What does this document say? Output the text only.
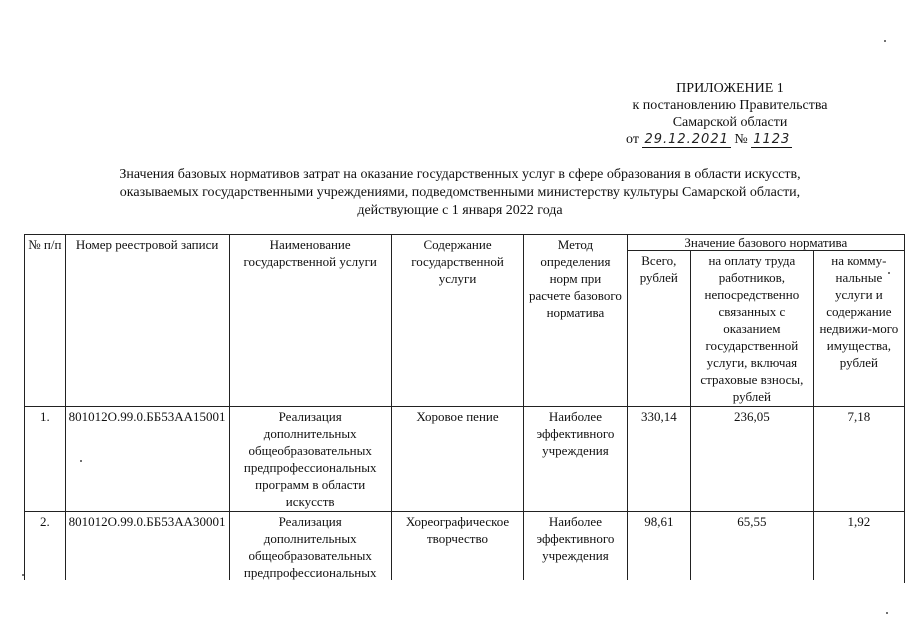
ПРИЛОЖЕНИЕ 1
к постановлению Правительства
Самарской области
от 29.12.2021 № 1123
Значения базовых нормативов затрат на оказание государственных услуг в сфере образования в области искусств,
оказываемых государственными учреждениями, подведомственными министерству культуры Самарской области,
действующие с 1 января 2022 года
№ п/п	Номер реестровой записи	Наименование государственной услуги	Содержание государственной услуги	Метод определения норм при расчете базового норматива	Значение базового норматива		
					Всего, рублей	на оплату труда работников, непосредственно связанных с оказанием государственной услуги, включая страховые взносы, рублей	на комму-нальные услуги и содержание недвижи-мого имущества, рублей
1.	801012О.99.0.ББ53АА15001	Реализация дополнительных общеобразовательных предпрофессиональных программ в области искусств	Хоровое пение	Наиболее эффективного учреждения	330,14	236,05	7,18
2.	801012О.99.0.ББ53АА30001	Реализация дополнительных общеобразовательных предпрофессиональных	Хореографическое творчество	Наиболее эффективного учреждения	98,61	65,55	1,92
